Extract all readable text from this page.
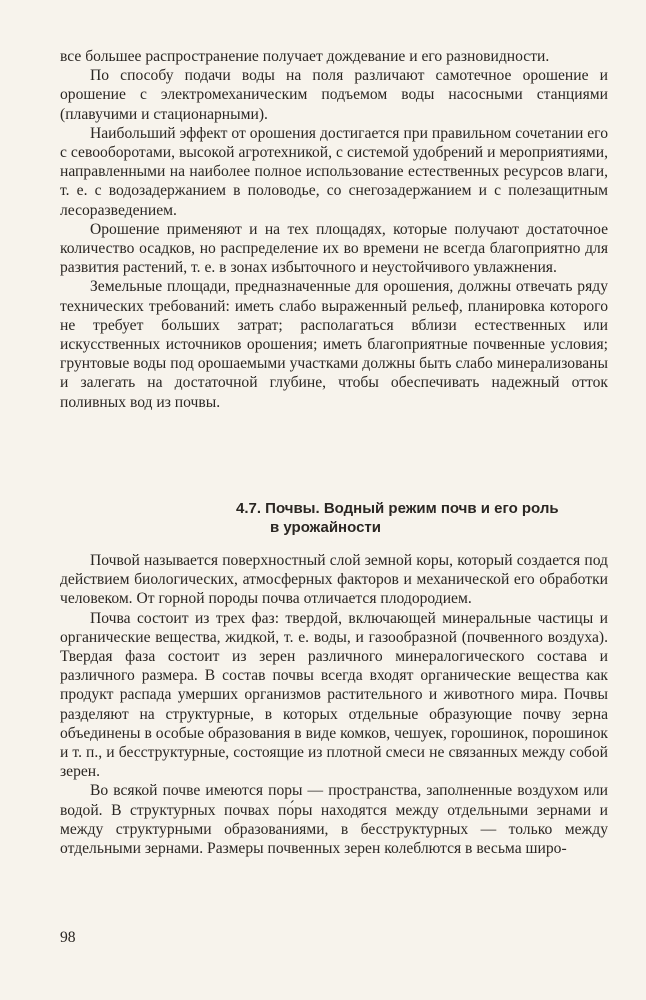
все большее распространение получает дождевание и его разновидности.

По способу подачи воды на поля различают самотечное орошение и орошение с электромеханическим подъемом воды насосными станциями (плавучими и стационарными).

Наибольший эффект от орошения достигается при правильном сочетании его с севооборотами, высокой агротехникой, с системой удобрений и мероприятиями, направленными на наиболее полное использование естественных ресурсов влаги, т. е. с водозадержанием в половодье, со снегозадержанием и с полезащитным лесоразведением.

Орошение применяют и на тех площадях, которые получают достаточное количество осадков, но распределение их во времени не всегда благоприятно для развития растений, т. е. в зонах избыточного и неустойчивого увлажнения.

Земельные площади, предназначенные для орошения, должны отвечать ряду технических требований: иметь слабо выраженный рельеф, планировка которого не требует больших затрат; располагаться вблизи естественных или искусственных источников орошения; иметь благоприятные почвенные условия; грунтовые воды под орошаемыми участками должны быть слабо минерализованы и залегать на достаточной глубине, чтобы обеспечивать надежный отток поливных вод из почвы.

4.7. Почвы. Водный режим почв и его роль
в урожайности

Почвой называется поверхностный слой земной коры, который создается под действием биологических, атмосферных факторов и механической его обработки человеком. От горной породы почва отличается плодородием.

Почва состоит из трех фаз: твердой, включающей минеральные частицы и органические вещества, жидкой, т. е. воды, и газообразной (почвенного воздуха). Твердая фаза состоит из зерен различного минералогического состава и различного размера. В состав почвы всегда входят органические вещества как продукт распада умерших организмов растительного и животного мира. Почвы разделяют на структурные, в которых отдельные образующие почву зерна объединены в особые образования в виде комков, чешуек, горошинок, порошинок и т. п., и бесструктурные, состоящие из плотной смеси не связанных между собой зерен.

Во всякой почве имеются поры — пространства, заполненные воздухом или водой. В структурных почвах по́ры находятся между отдельными зернами и между структурными образованиями, в бесструктурных — только между отдельными зернами. Размеры почвенных зерен колеблются в весьма широ-

98
